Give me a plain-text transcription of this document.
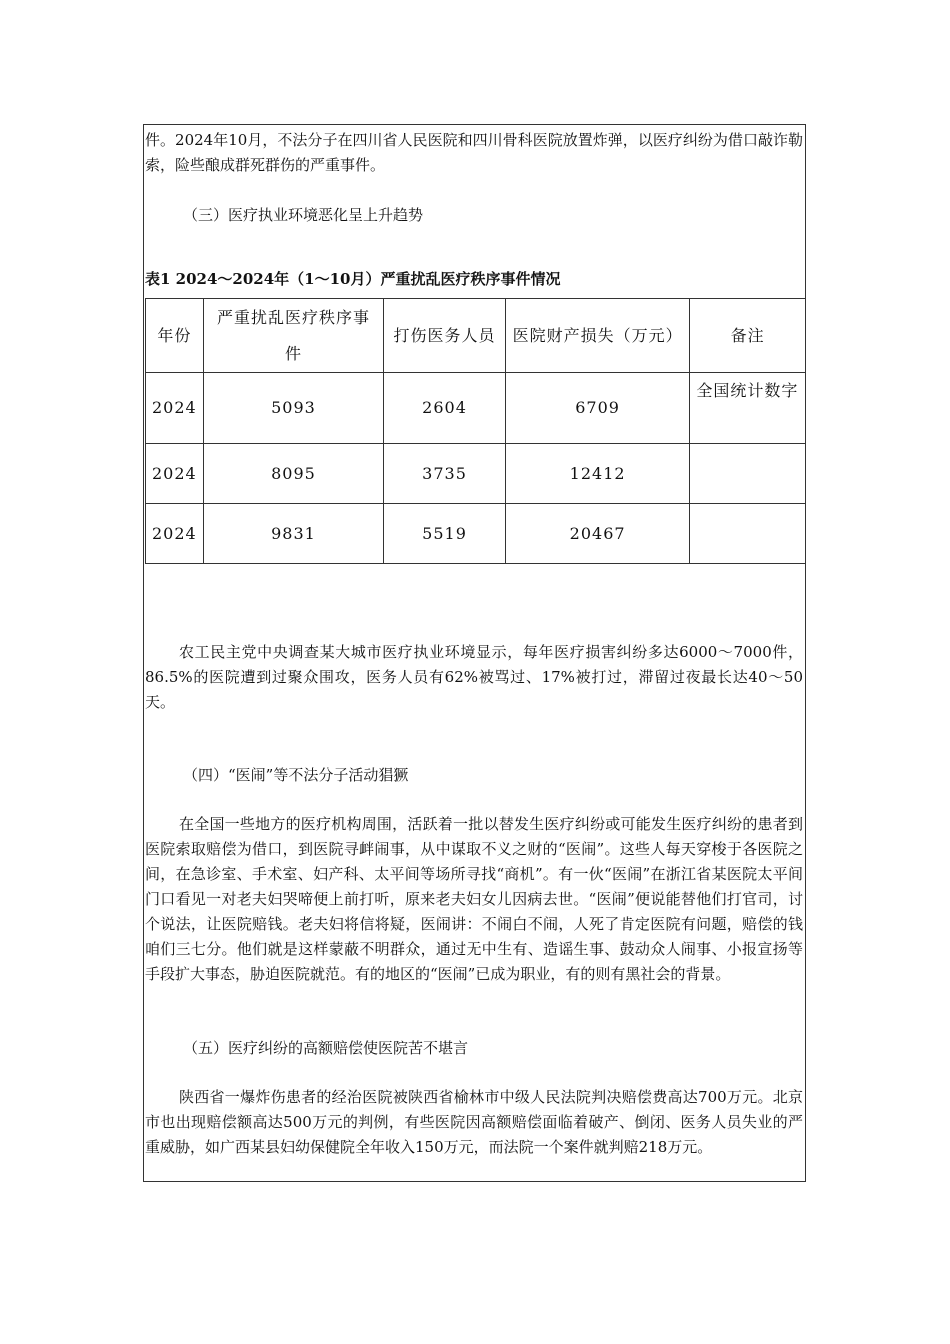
件。2024年10月，不法分子在四川省人民医院和四川骨科医院放置炸弹，以医疗纠纷为借口敲诈勒索，险些酿成群死群伤的严重事件。

（三）医疗执业环境恶化呈上升趋势

表1 2024～2024年（1～10月）严重扰乱医疗秩序事件情况

年份	严重扰乱医疗秩序事件	打伤医务人员	医院财产损失（万元）	备注
2024	5093	2604	6709	全国统计数字
2024	8095	3735	12412	
2024	9831	5519	20467	

农工民主党中央调查某大城市医疗执业环境显示，每年医疗损害纠纷多达6000～7000件，86.5%的医院遭到过聚众围攻，医务人员有62%被骂过、17%被打过，滞留过夜最长达40～50天。

（四）“医闹”等不法分子活动猖獗

在全国一些地方的医疗机构周围，活跃着一批以替发生医疗纠纷或可能发生医疗纠纷的患者到医院索取赔偿为借口，到医院寻衅闹事，从中谋取不义之财的“医闹”。这些人每天穿梭于各医院之间，在急诊室、手术室、妇产科、太平间等场所寻找“商机”。有一伙“医闹”在浙江省某医院太平间门口看见一对老夫妇哭啼便上前打听，原来老夫妇女儿因病去世。“医闹”便说能替他们打官司，讨个说法，让医院赔钱。老夫妇将信将疑，医闹讲：不闹白不闹，人死了肯定医院有问题，赔偿的钱咱们三七分。他们就是这样蒙蔽不明群众，通过无中生有、造谣生事、鼓动众人闹事、小报宣扬等手段扩大事态，胁迫医院就范。有的地区的“医闹”已成为职业，有的则有黑社会的背景。

（五）医疗纠纷的高额赔偿使医院苦不堪言

陕西省一爆炸伤患者的经治医院被陕西省榆林市中级人民法院判决赔偿费高达700万元。北京市也出现赔偿额高达500万元的判例，有些医院因高额赔偿面临着破产、倒闭、医务人员失业的严重威胁，如广西某县妇幼保健院全年收入150万元，而法院一个案件就判赔218万元。
